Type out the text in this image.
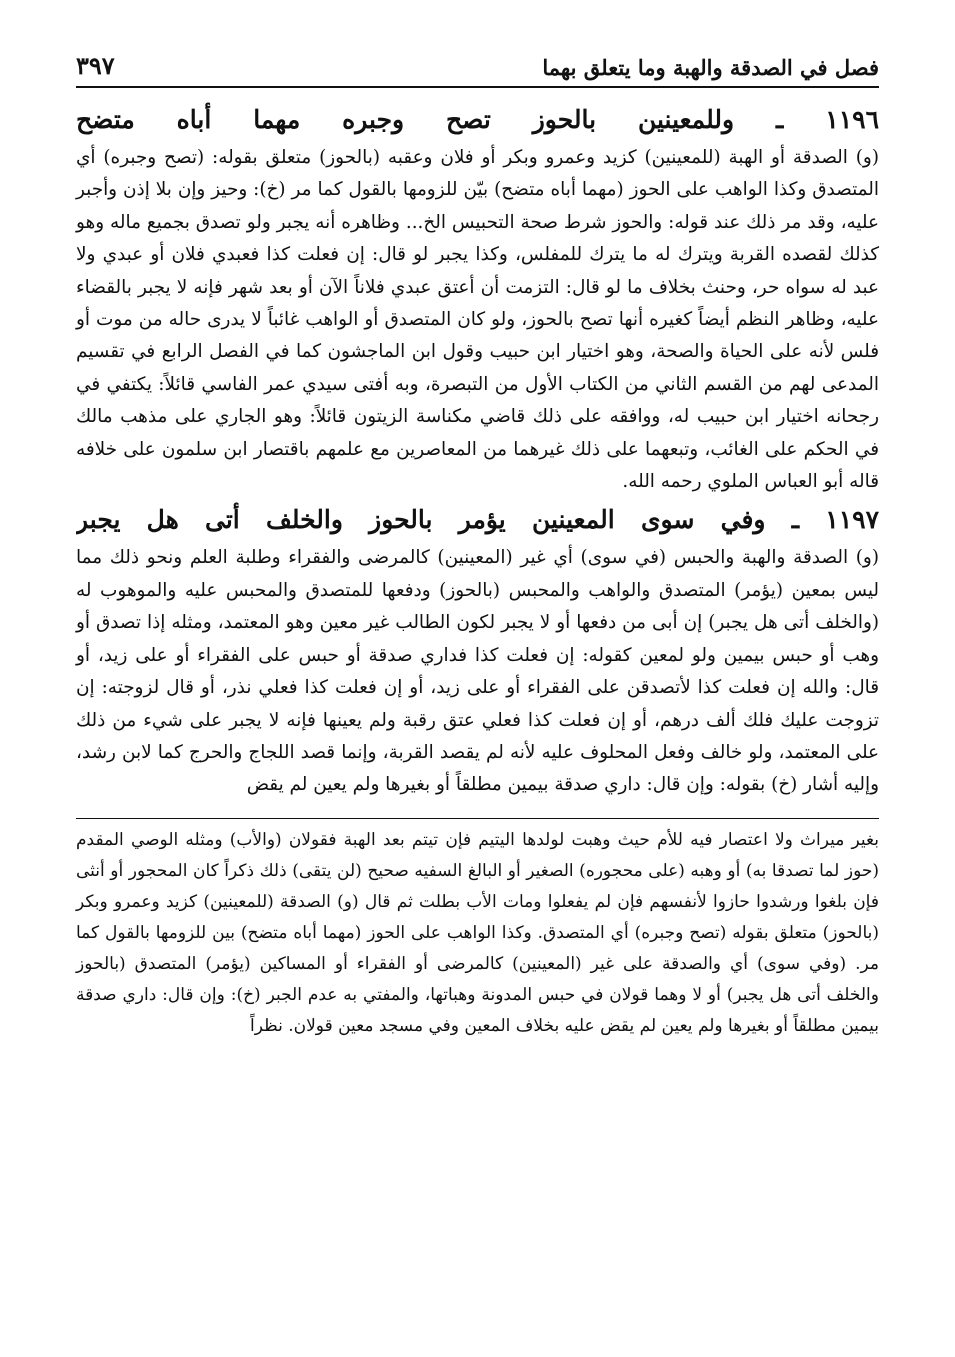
فصل في الصدقة والهبة وما يتعلق بهما
٣٩٧
١١٩٦ ـ وللمعينين بالحوز تصح وجبره مهما أباه متضح

(و) الصدقة أو الهبة (للمعينين) كزيد وعمرو وبكر أو فلان وعقبه (بالحوز) متعلق بقوله: (تصح وجبره) أي المتصدق وكذا الواهب على الحوز (مهما أباه متضح) بيّن للزومها بالقول كما مر (خ): وحيز وإن بلا إذن وأجبر عليه، وقد مر ذلك عند قوله: والحوز شرط صحة التحبيس الخ... وظاهره أنه يجبر ولو تصدق بجميع ماله وهو كذلك لقصده القربة ويترك له ما يترك للمفلس، وكذا يجبر لو قال: إن فعلت كذا فعبدي فلان أو عبدي ولا عبد له سواه حر، وحنث بخلاف ما لو قال: التزمت أن أعتق عبدي فلاناً الآن أو بعد شهر فإنه لا يجبر بالقضاء عليه، وظاهر النظم أيضاً كغيره أنها تصح بالحوز، ولو كان المتصدق أو الواهب غائباً لا يدرى حاله من موت أو فلس لأنه على الحياة والصحة، وهو اختيار ابن حبيب وقول ابن الماجشون كما في الفصل الرابع في تقسيم المدعى لهم من القسم الثاني من الكتاب الأول من التبصرة، وبه أفتى سيدي عمر الفاسي قائلاً: يكتفي في رجحانه اختيار ابن حبيب له، ووافقه على ذلك قاضي مكناسة الزيتون قائلاً: وهو الجاري على مذهب مالك في الحكم على الغائب، وتبعهما على ذلك غيرهما من المعاصرين مع علمهم باقتصار ابن سلمون على خلافه قاله أبو العباس الملوي رحمه الله.

١١٩٧ ـ وفي سوى المعينين يؤمر بالحوز والخلف أتى هل يجبر

(و) الصدقة والهبة والحبس (في سوى) أي غير (المعينين) كالمرضى والفقراء وطلبة العلم ونحو ذلك مما ليس بمعين (يؤمر) المتصدق والواهب والمحبس (بالحوز) ودفعها للمتصدق والمحبس عليه والموهوب له (والخلف أتى هل يجبر) إن أبى من دفعها أو لا يجبر لكون الطالب غير معين وهو المعتمد، ومثله إذا تصدق أو وهب أو حبس بيمين ولو لمعين كقوله: إن فعلت كذا فداري صدقة أو حبس على الفقراء أو على زيد، أو قال: والله إن فعلت كذا لأتصدقن على الفقراء أو على زيد، أو إن فعلت كذا فعلي نذر، أو قال لزوجته: إن تزوجت عليك فلك ألف درهم، أو إن فعلت كذا فعلي عتق رقبة ولم يعينها فإنه لا يجبر على شيء من ذلك على المعتمد، ولو خالف وفعل المحلوف عليه لأنه لم يقصد القربة، وإنما قصد اللجاج والحرج كما لابن رشد، وإليه أشار (خ) بقوله: وإن قال: داري صدقة بيمين مطلقاً أو بغيرها ولم يعين لم يقض

بغير ميراث ولا اعتصار فيه للأم حيث وهبت لولدها اليتيم فإن تيتم بعد الهبة فقولان (والأب) ومثله الوصي المقدم (حوز لما تصدقا به) أو وهبه (على محجوره) الصغير أو البالغ السفيه صحيح (لن يتقى) ذلك ذكراً كان المحجور أو أنثى فإن بلغوا ورشدوا حازوا لأنفسهم فإن لم يفعلوا ومات الأب بطلت ثم قال (و) الصدقة (للمعينين) كزيد وعمرو وبكر (بالحوز) متعلق بقوله (تصح وجبره) أي المتصدق. وكذا الواهب على الحوز (مهما أباه متضح) بين للزومها بالقول كما مر. (وفي سوى) أي والصدقة على غير (المعينين) كالمرضى أو الفقراء أو المساكين (يؤمر) المتصدق (بالحوز والخلف أتى هل يجبر) أو لا وهما قولان في حبس المدونة وهباتها، والمفتي به عدم الجبر (خ): وإن قال: داري صدقة بيمين مطلقاً أو بغيرها ولم يعين لم يقض عليه بخلاف المعين وفي مسجد معين قولان. نظراً
